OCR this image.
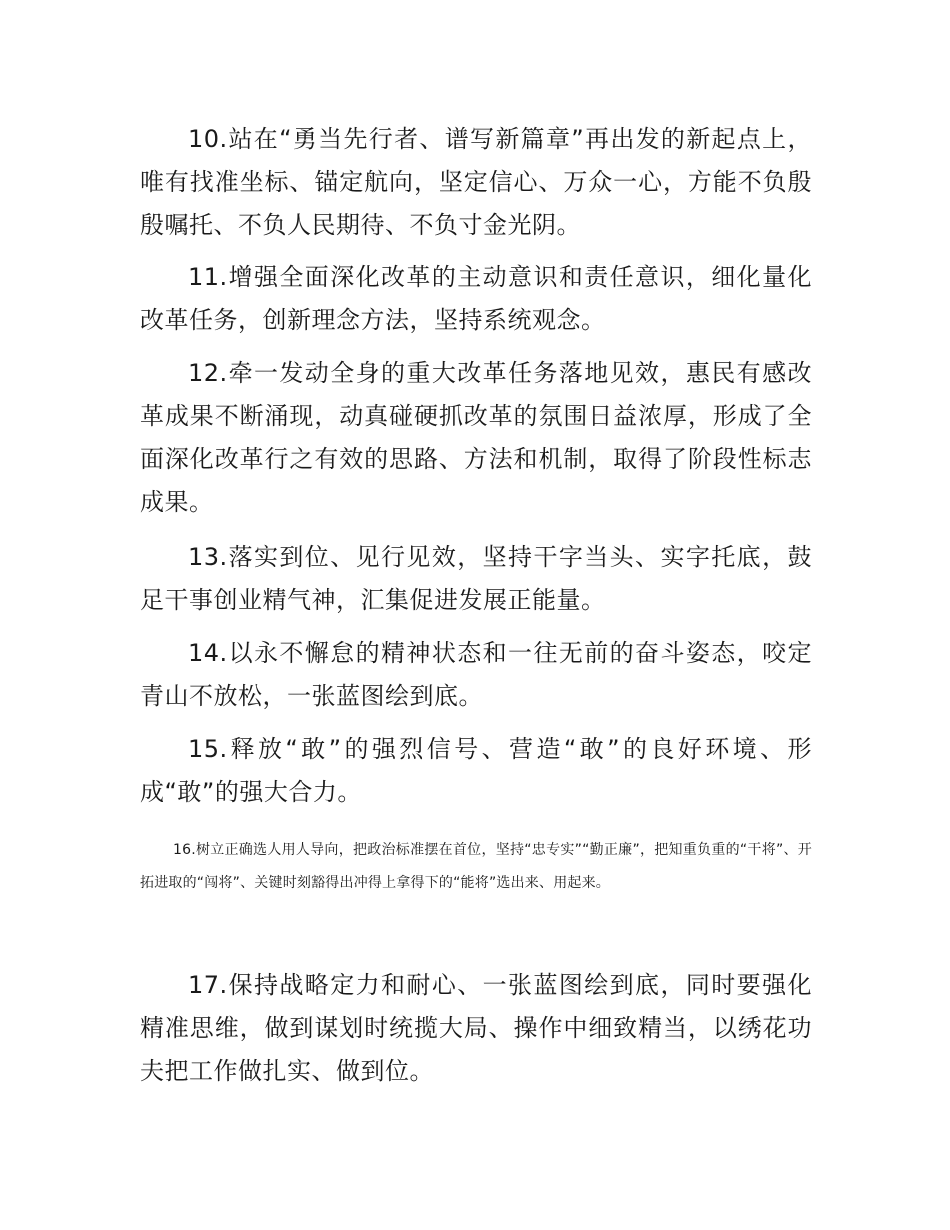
10.站在“勇当先行者、谱写新篇章”再出发的新起点上，唯有找准坐标、锚定航向，坚定信心、万众一心，方能不负殷殷嘱托、不负人民期待、不负寸金光阴。

11.增强全面深化改革的主动意识和责任意识，细化量化改革任务，创新理念方法，坚持系统观念。

12.牵一发动全身的重大改革任务落地见效，惠民有感改革成果不断涌现，动真碰硬抓改革的氛围日益浓厚，形成了全面深化改革行之有效的思路、方法和机制，取得了阶段性标志成果。

13.落实到位、见行见效，坚持干字当头、实字托底，鼓足干事创业精气神，汇集促进发展正能量。

14.以永不懈怠的精神状态和一往无前的奋斗姿态，咬定青山不放松，一张蓝图绘到底。

15.释放“敢”的强烈信号、营造“敢”的良好环境、形成“敢”的强大合力。

16.树立正确选人用人导向，把政治标准摆在首位，坚持“忠专实”“勤正廉”，把知重负重的“干将”、开拓进取的“闯将”、关键时刻豁得出冲得上拿得下的“能将”选出来、用起来。

17.保持战略定力和耐心、一张蓝图绘到底，同时要强化精准思维，做到谋划时统揽大局、操作中细致精当，以绣花功夫把工作做扎实、做到位。
